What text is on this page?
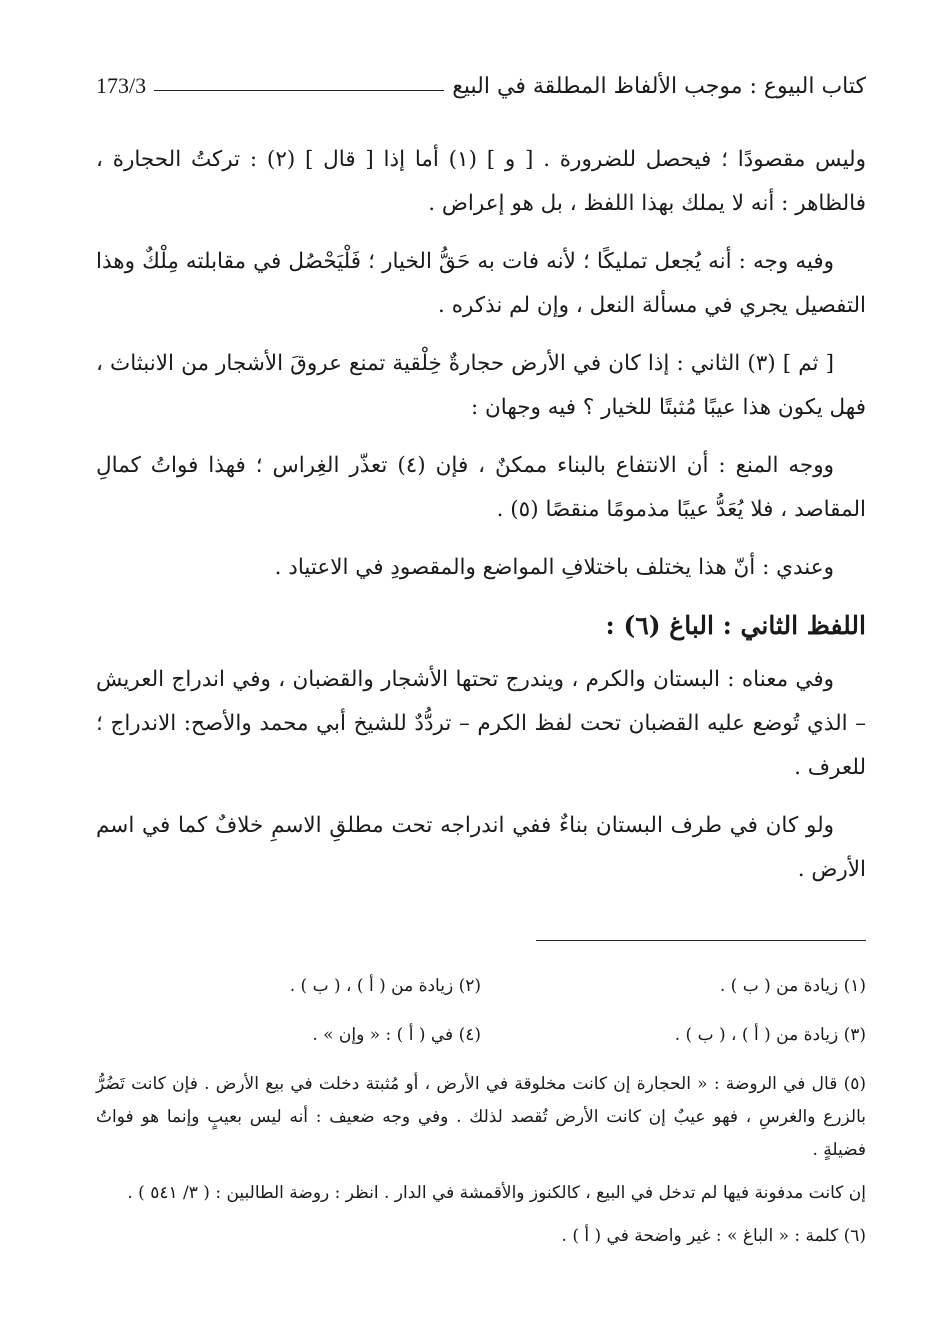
كتاب البيوع : موجب الألفاظ المطلقة في البيع
173/3

وليس مقصودًا ؛ فيحصل للضرورة . [ و ] (١) أما إذا [ قال ] (٢) : تركتُ الحجارة ، فالظاهر : أنه لا يملك بهذا اللفظ ، بل هو إعراض .

وفيه وجه : أنه يُجعل تمليكًا ؛ لأنه فات به حَقُّ الخيار ؛ فَلْيَحْصُل في مقابلته مِلْكٌ وهذا التفصيل يجري في مسألة النعل ، وإن لم نذكره .

[ ثم ] (٣) الثاني : إذا كان في الأرض حجارةٌ خِلْقية تمنع عروقَ الأشجار من الانبثاث ، فهل يكون هذا عيبًا مُثبتًا للخيار ؟ فيه وجهان :

ووجه المنع : أن الانتفاع بالبناء ممكنٌ ، فإن (٤) تعذّر الغِراس ؛ فهذا فواتُ كمالِ المقاصد ، فلا يُعَدُّ عيبًا مذمومًا منقصًا (٥) .

وعندي : أنّ هذا يختلف باختلافِ المواضع والمقصودِ في الاعتياد .

اللفظ الثاني : الباغ (٦) :

وفي معناه : البستان والكرم ، ويندرج تحتها الأشجار والقضبان ، وفي اندراج العريش – الذي تُوضع عليه القضبان تحت لفظ الكرم – تردُّدٌ للشيخ أبي محمد والأصح: الاندراج ؛ للعرف .

ولو كان في طرف البستان بناءٌ ففي اندراجه تحت مطلقِ الاسمِ خلافٌ كما في اسم الأرض .

(١) زيادة من ( ب ) .
(٢) زيادة من ( أ ) ، ( ب ) .
(٣) زيادة من ( أ ) ، ( ب ) .
(٤) في ( أ ) : « وإن » .

(٥) قال في الروضة : « الحجارة إن كانت مخلوقة في الأرض ، أو مُثبتة دخلت في بيع الأرض . فإن كانت تَضُرُّ بالزرع والغرسِ ، فهو عيبٌ إن كانت الأرض تُقصد لذلك . وفي وجه ضعيف : أنه ليس بعيبٍ وإنما هو فواتُ فضيلةٍ .

إن كانت مدفونة فيها لم تدخل في البيع ، كالكنوز والأقمشة في الدار . انظر : روضة الطالبين : ( ٣/ ٥٤١ ) .

(٦) كلمة : « الباغ » : غير واضحة في ( أ ) .
